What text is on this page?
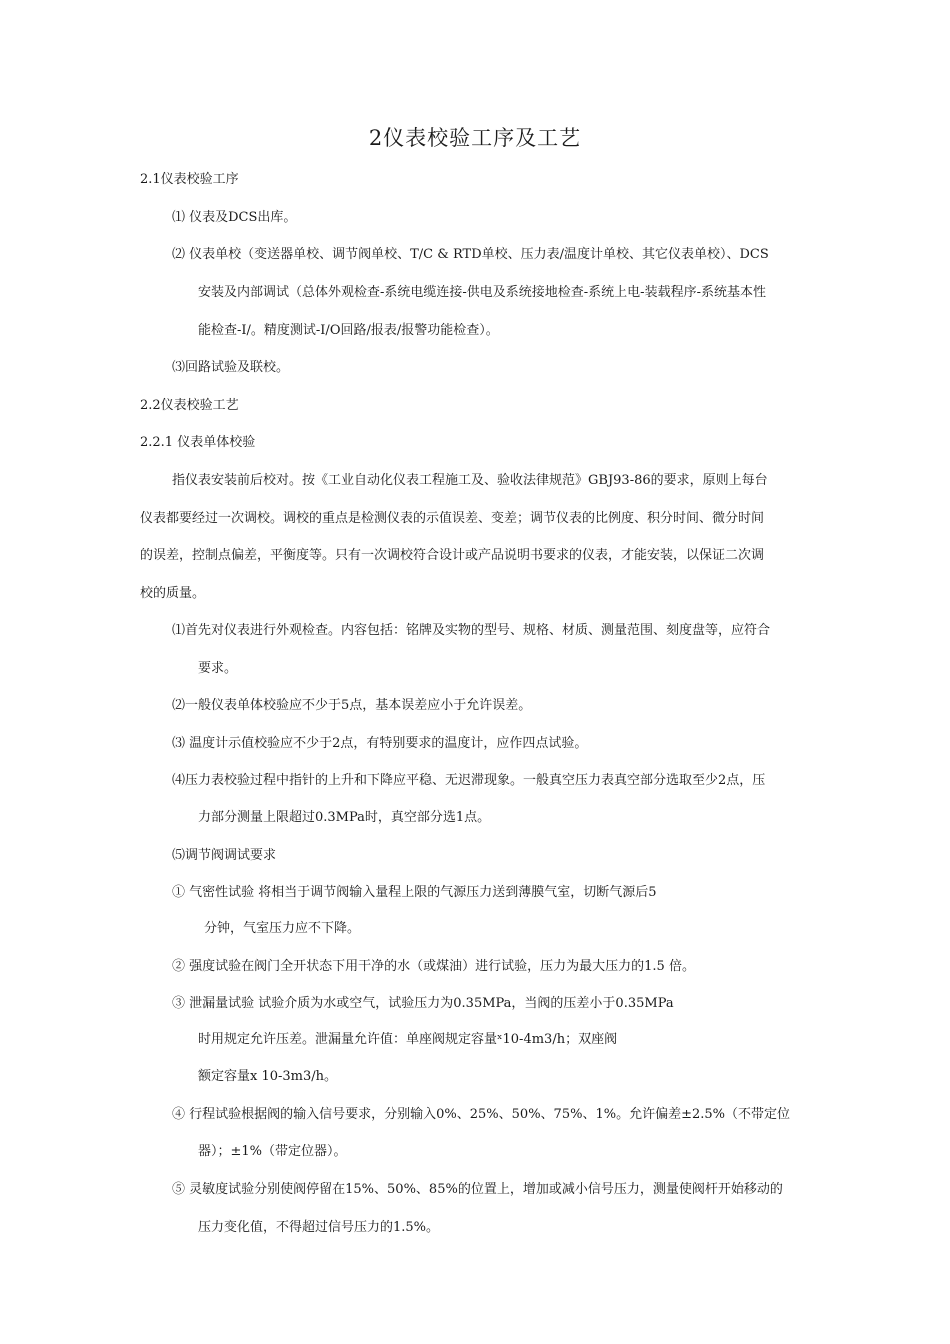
2仪表校验工序及工艺
2.1仪表校验工序
⑴ 仪表及DCS出库。
⑵ 仪表单校（变送器单校、调节阀单校、T/C & RTD单校、压力表/温度计单校、其它仪表单校）、DCS
安装及内部调试（总体外观检查-系统电缆连接-供电及系统接地检查-系统上电-装载程序-系统基本性
能检查-I/。精度测试-I/O回路/报表/报警功能检查）。
⑶回路试验及联校。
2.2仪表校验工艺
2.2.1 仪表单体校验
指仪表安装前后校对。按《工业自动化仪表工程施工及、验收法律规范》GBJ93-86的要求，原则上每台
仪表都要经过一次调校。调校的重点是检测仪表的示值误差、变差；调节仪表的比例度、积分时间、微分时间
的误差，控制点偏差，平衡度等。只有一次调校符合设计或产品说明书要求的仪表，才能安装，以保证二次调
校的质量。
⑴首先对仪表进行外观检查。内容包括：铭牌及实物的型号、规格、材质、测量范围、刻度盘等，应符合
要求。
⑵一般仪表单体校验应不少于5点，基本误差应小于允许误差。
⑶ 温度计示值校验应不少于2点，有特别要求的温度计，应作四点试验。
⑷压力表校验过程中指针的上升和下降应平稳、无迟滞现象。一般真空压力表真空部分选取至少2点，压
力部分测量上限超过0.3MPa时，真空部分选1点。
⑸调节阀调试要求
① 气密性试验 将相当于调节阀输入量程上限的气源压力送到薄膜气室，切断气源后5
分钟，气室压力应不下降。
② 强度试验在阀门全开状态下用干净的水（或煤油）进行试验，压力为最大压力的1.5 倍。
③ 泄漏量试验 试验介质为水或空气，试验压力为0.35MPa，当阀的压差小于0.35MPa
时用规定允许压差。泄漏量允许值：单座阀规定容量ˣ10-4m3/h；双座阀
额定容量x 10-3m3/h。
④ 行程试验根据阀的输入信号要求，分别输入0%、25%、50%、75%、1%。允许偏差±2.5%（不带定位
器）；±1%（带定位器）。
⑤ 灵敏度试验分别使阀停留在15%、50%、85%的位置上，增加或减小信号压力，测量使阀杆开始移动的
压力变化值，不得超过信号压力的1.5%。
